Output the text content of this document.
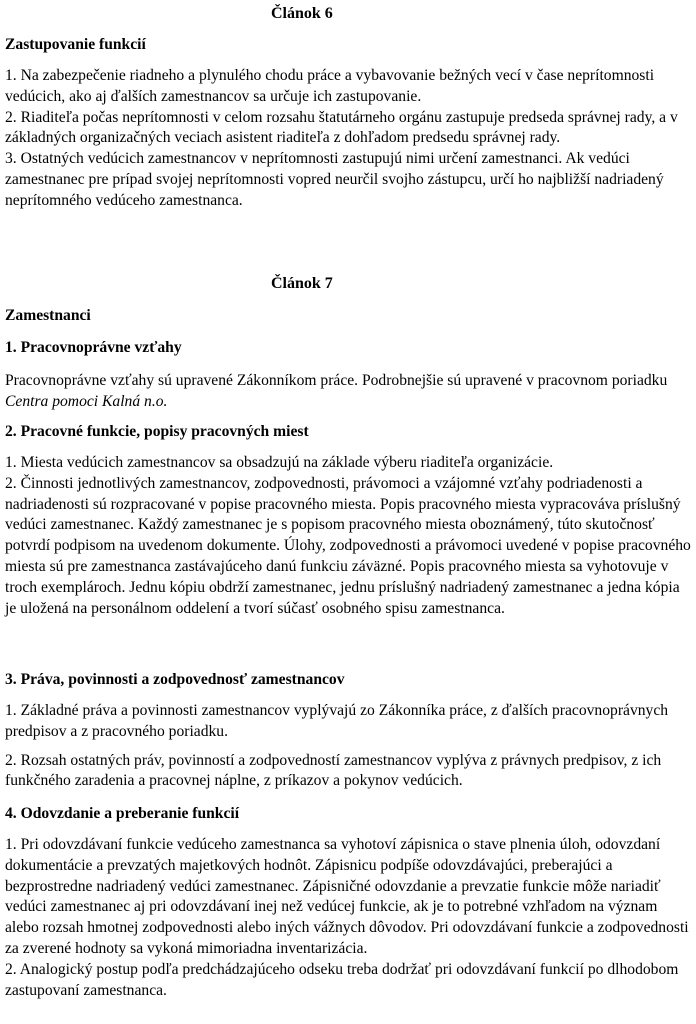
Článok 6
Zastupovanie funkcií

1. Na zabezpečenie riadneho a plynulého chodu práce a vybavovanie bežných vecí v čase neprítomnosti vedúcich, ako aj ďalších zamestnancov sa určuje ich zastupovanie.

2. Riaditeľa počas neprítomnosti v celom rozsahu štatutárneho orgánu zastupuje predseda správnej rady, a v základných organizačných veciach asistent riaditeľa z dohľadom predsedu správnej rady.

3. Ostatných vedúcich zamestnancov v neprítomnosti zastupujú nimi určení zamestnanci. Ak vedúci zamestnanec pre prípad svojej neprítomnosti vopred neurčil svojho zástupcu, určí ho najbližší nadriadený neprítomného vedúceho zamestnanca.

Článok 7
Zamestnanci
1. Pracovnoprávne vzťahy

Pracovnoprávne vzťahy sú upravené Zákonníkom práce. Podrobnejšie sú upravené v pracovnom poriadku Centra pomoci Kalná n.o.

2. Pracovné funkcie, popisy pracovných miest

1. Miesta vedúcich zamestnancov sa obsadzujú na základe výberu riaditeľa organizácie.

2. Činnosti jednotlivých zamestnancov, zodpovednosti, právomoci a vzájomné vzťahy podriadenosti a nadriadenosti sú rozpracované v popise pracovného miesta. Popis pracovného miesta vypracováva príslušný vedúci zamestnanec. Každý zamestnanec je s popisom pracovného miesta oboznámený, túto skutočnosť potvrdí podpisom na uvedenom dokumente. Úlohy, zodpovednosti a právomoci uvedené v popise pracovného miesta sú pre zamestnanca zastávajúceho danú funkciu záväzné. Popis pracovného miesta sa vyhotovuje v troch exemplároch. Jednu kópiu obdrží zamestnanec, jednu príslušný nadriadený zamestnanec a jedna kópia je uložená na personálnom oddelení a tvorí súčasť osobného spisu zamestnanca.

3. Práva, povinnosti a zodpovednosť zamestnancov

1. Základné práva a povinnosti zamestnancov vyplývajú zo Zákonníka práce, z ďalších pracovnoprávnych predpisov a z pracovného poriadku.

2. Rozsah ostatných práv, povinností a zodpovedností zamestnancov vyplýva z právnych predpisov, z ich funkčného zaradenia a pracovnej náplne, z príkazov a pokynov vedúcich.

4. Odovzdanie a preberanie funkcií

1. Pri odovzdávaní funkcie vedúceho zamestnanca sa vyhotoví zápisnica o stave plnenia úloh, odovzdaní dokumentácie a prevzatých majetkových hodnôt. Zápisnicu podpíše odovzdávajúci, preberajúci a bezprostredne nadriadený vedúci zamestnanec. Zápisničné odovzdanie a prevzatie funkcie môže nariadiť vedúci zamestnanec aj pri odovzdávaní inej než vedúcej funkcie, ak je to potrebné vzhľadom na význam alebo rozsah hmotnej zodpovednosti alebo iných vážnych dôvodov. Pri odovzdávaní funkcie a zodpovednosti za zverené hodnoty sa vykoná mimoriadna inventarizácia.

2. Analogický postup podľa predchádzajúceho odseku treba dodržať pri odovzdávaní funkcií po dlhodobom zastupovaní zamestnanca.
